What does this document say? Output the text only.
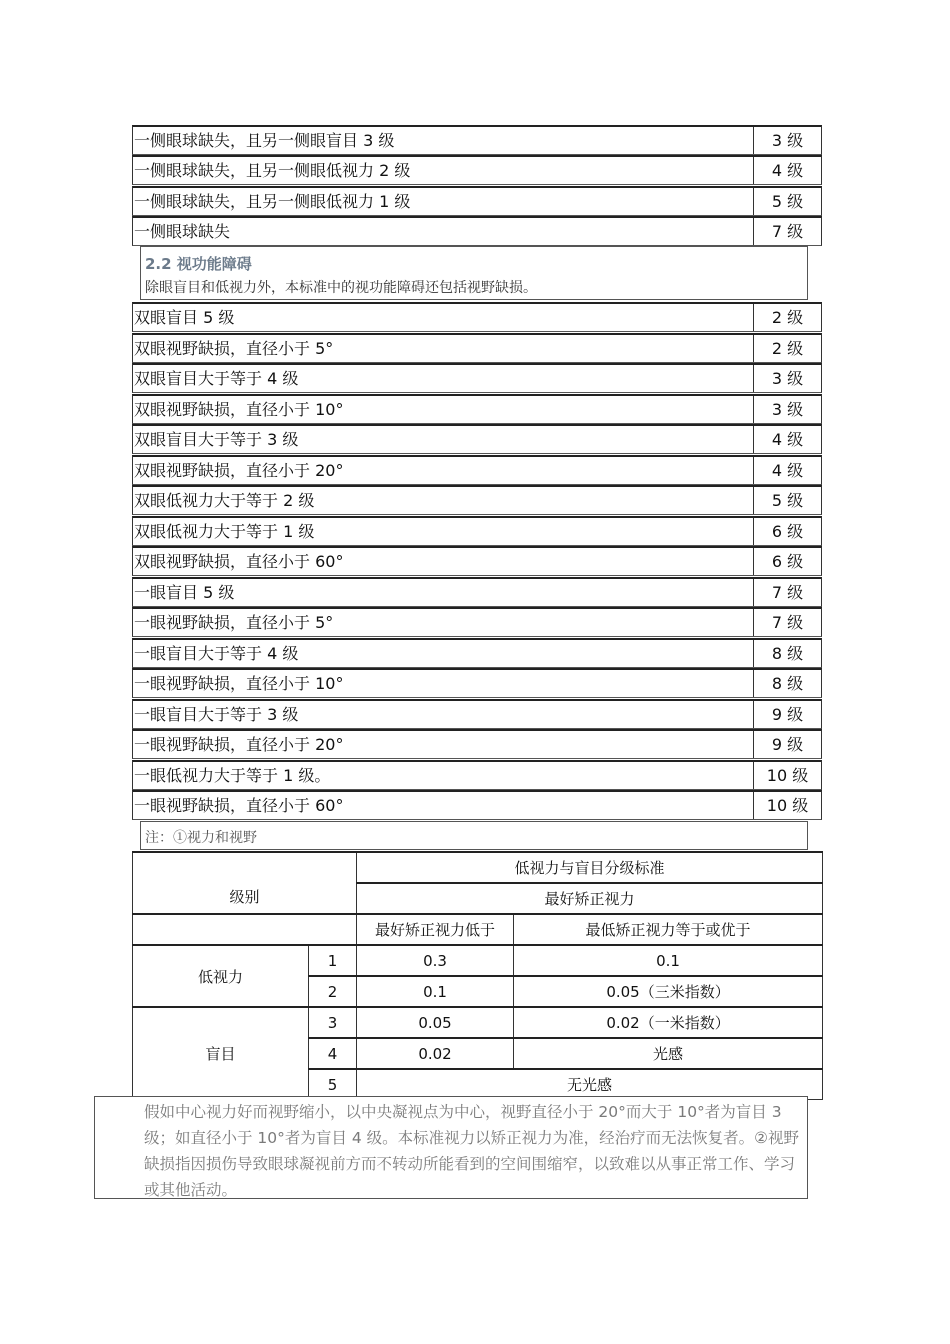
一侧眼球缺失，且另一侧眼盲目 3 级	3 级
一侧眼球缺失，且另一侧眼低视力 2 级	4 级
一侧眼球缺失，且另一侧眼低视力 1 级	5 级
一侧眼球缺失	7 级
2.2 视功能障碍
除眼盲目和低视力外，本标准中的视功能障碍还包括视野缺损。
双眼盲目 5 级	2 级
双眼视野缺损，直径小于 5°	2 级
双眼盲目大于等于 4 级	3 级
双眼视野缺损，直径小于 10°	3 级
双眼盲目大于等于 3 级	4 级
双眼视野缺损，直径小于 20°	4 级
双眼低视力大于等于 2 级	5 级
双眼低视力大于等于 1 级	6 级
双眼视野缺损，直径小于 60°	6 级
一眼盲目 5 级	7 级
一眼视野缺损，直径小于 5°	7 级
一眼盲目大于等于 4 级	8 级
一眼视野缺损，直径小于 10°	8 级
一眼盲目大于等于 3 级	9 级
一眼视野缺损，直径小于 20°	9 级
一眼低视力大于等于 1 级。	10 级
一眼视野缺损，直径小于 60°	10 级
注：①视力和视野
级别		低视力与盲目分级标准	
		最好矫正视力	
		最好矫正视力低于	最低矫正视力等于或优于
低视力	1	0.3	0.1
	2	0.1	0.05（三米指数）
盲目	3	0.05	0.02（一米指数）
	4	0.02	光感
	5	无光感	
假如中心视力好而视野缩小，以中央凝视点为中心，视野直径小于 20°而大于 10°者为盲目 3 级；如直径小于 10°者为盲目 4 级。本标准视力以矫正视力为准，经治疗而无法恢复者。②视野缺损指因损伤导致眼球凝视前方而不转动所能看到的空间围缩窄，以致难以从事正常工作、学习或其他活动。
